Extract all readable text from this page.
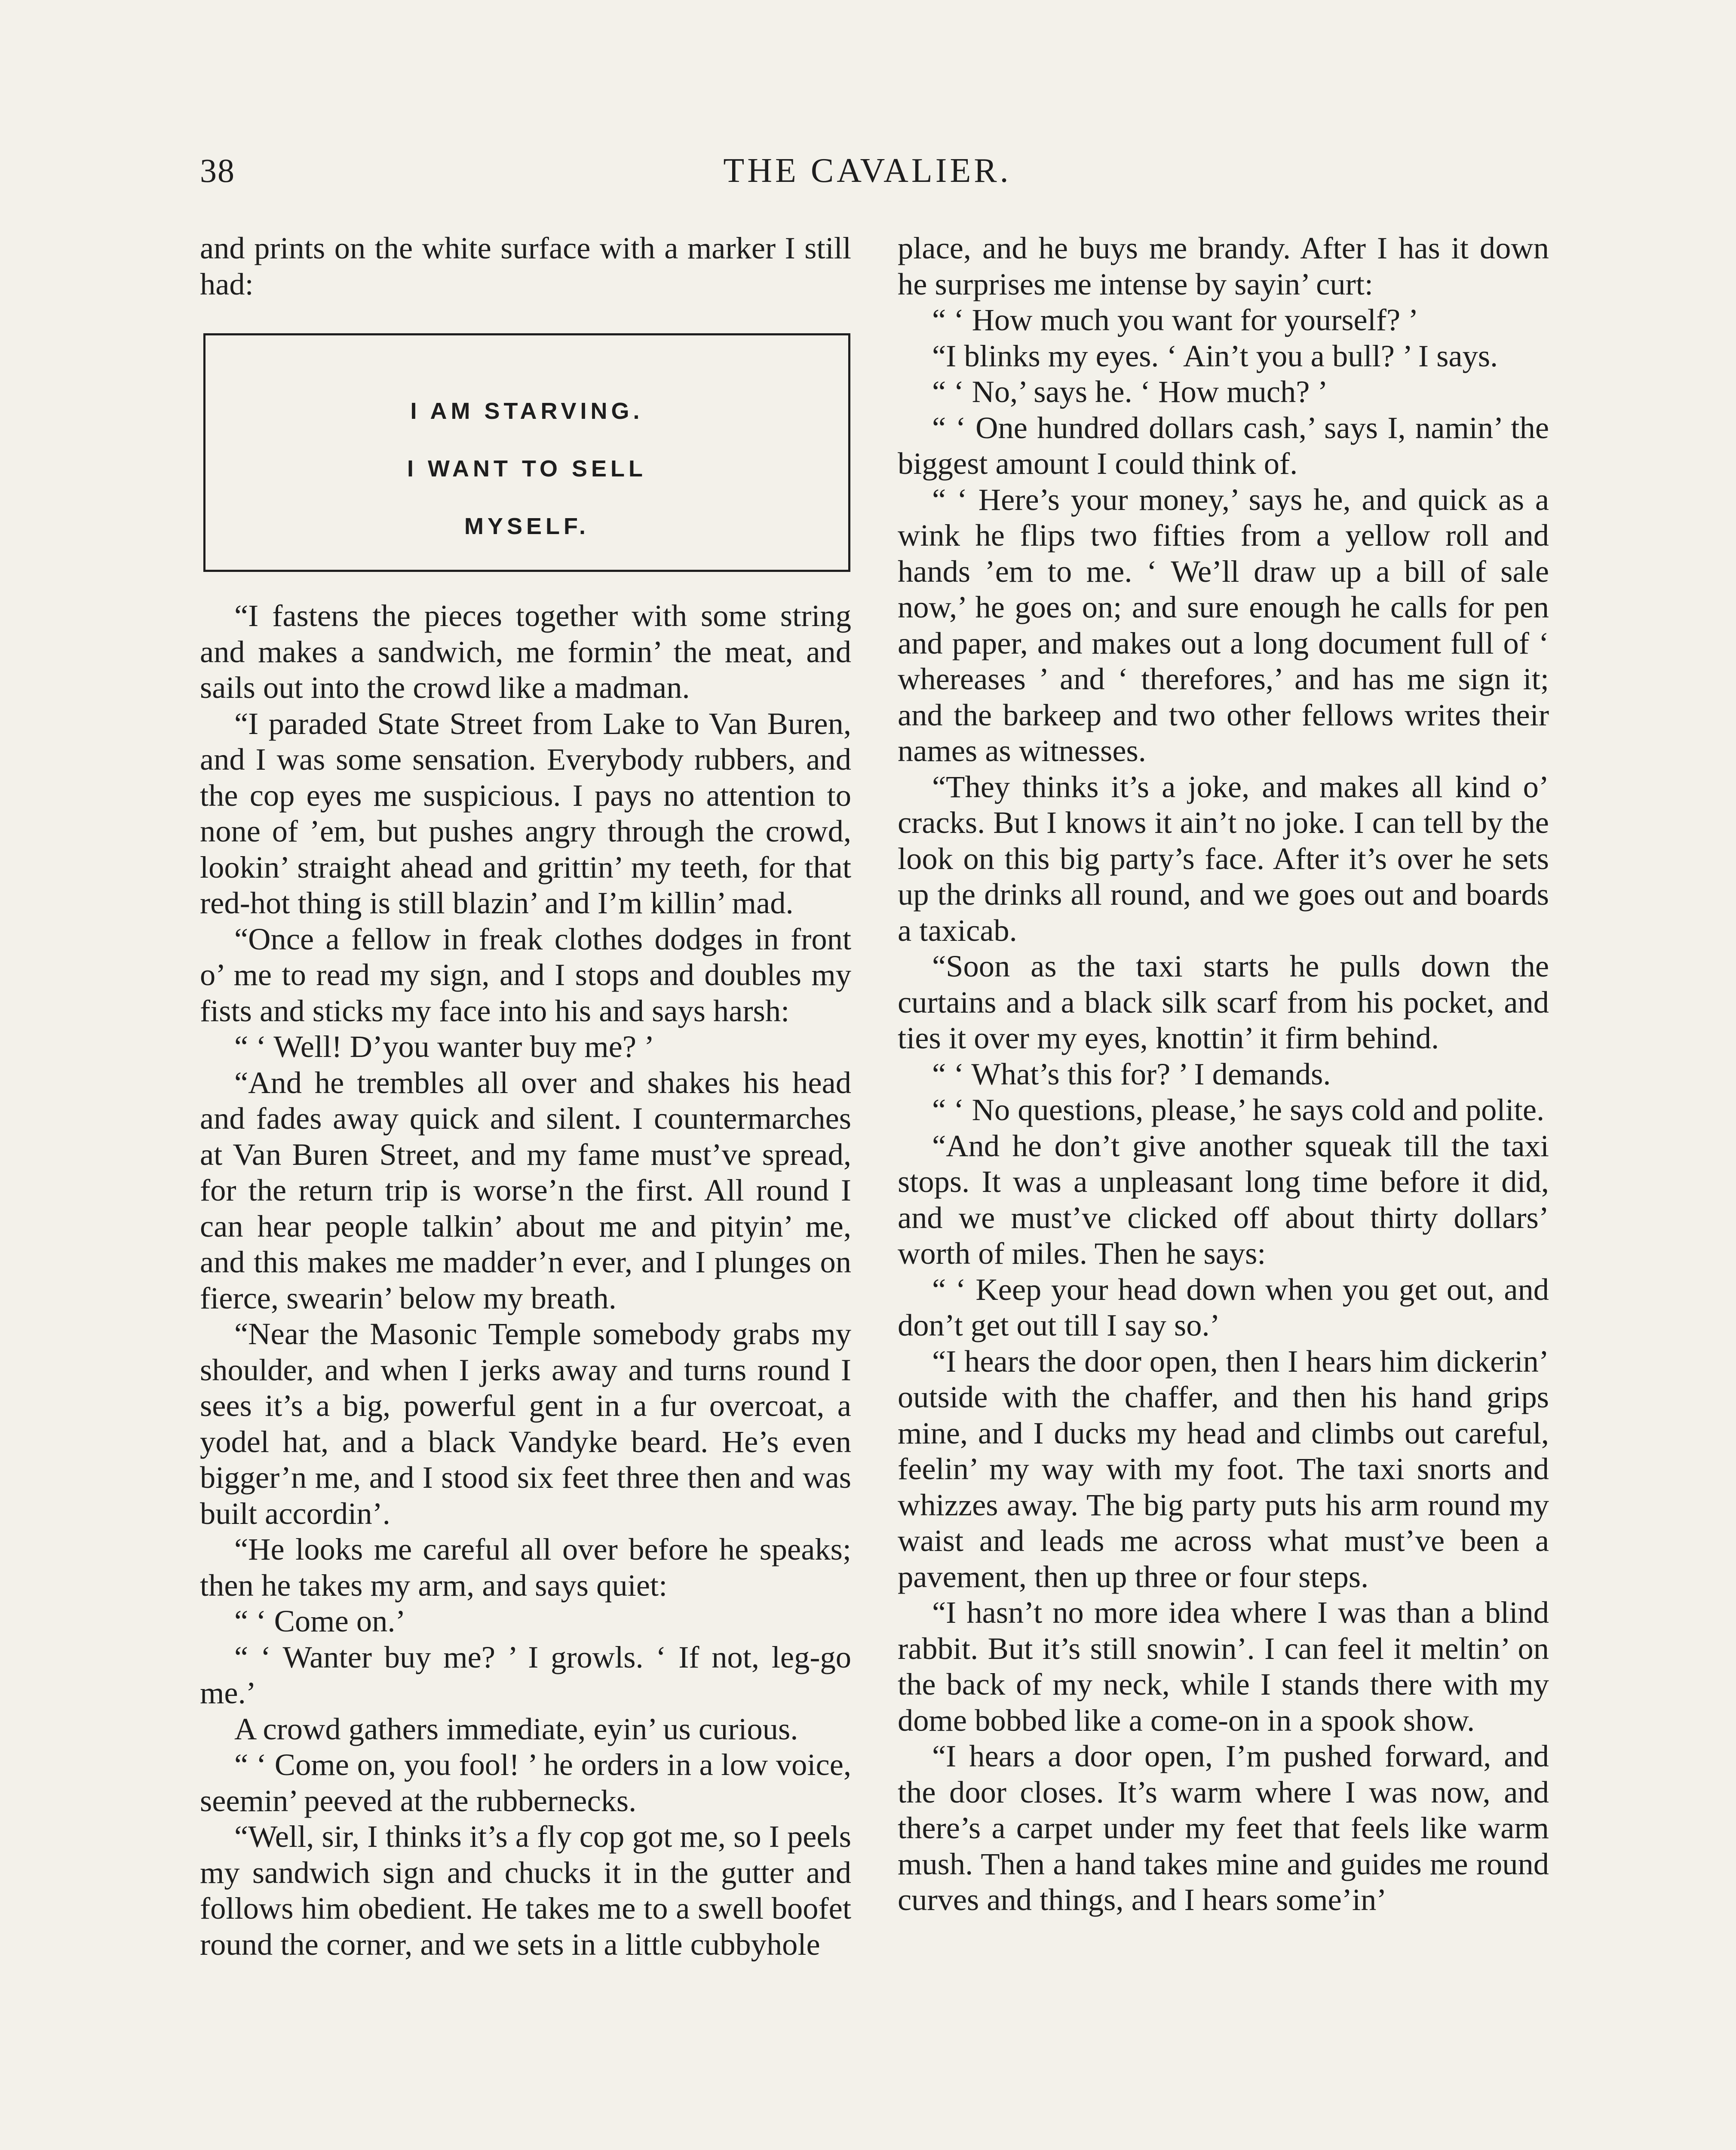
38	THE CAVALIER.

and prints on the white surface with a marker I still had:

I AM STARVING.
I WANT TO SELL
MYSELF.

“I fastens the pieces together with some string and makes a sandwich, me formin’ the meat, and sails out into the crowd like a madman.

“I paraded State Street from Lake to Van Buren, and I was some sensation. Everybody rubbers, and the cop eyes me suspicious. I pays no attention to none of ’em, but pushes angry through the crowd, lookin’ straight ahead and grittin’ my teeth, for that red-hot thing is still blazin’ and I’m killin’ mad.

“Once a fellow in freak clothes dodges in front o’ me to read my sign, and I stops and doubles my fists and sticks my face into his and says harsh:

“ ‘ Well! D’you wanter buy me? ’

“And he trembles all over and shakes his head and fades away quick and silent. I countermarches at Van Buren Street, and my fame must’ve spread, for the return trip is worse’n the first. All round I can hear people talkin’ about me and pityin’ me, and this makes me madder’n ever, and I plunges on fierce, swearin’ below my breath.

“Near the Masonic Temple somebody grabs my shoulder, and when I jerks away and turns round I sees it’s a big, powerful gent in a fur overcoat, a yodel hat, and a black Vandyke beard. He’s even bigger’n me, and I stood six feet three then and was built accordin’.

“He looks me careful all over before he speaks; then he takes my arm, and says quiet:

“ ‘ Come on.’

“ ‘ Wanter buy me? ’ I growls. ‘ If not, leg-go me.’

A crowd gathers immediate, eyin’ us curious.

“ ‘ Come on, you fool! ’ he orders in a low voice, seemin’ peeved at the rubbernecks.

“Well, sir, I thinks it’s a fly cop got me, so I peels my sandwich sign and chucks it in the gutter and follows him obedient. He takes me to a swell boofet round the corner, and we sets in a little cubbyhole

place, and he buys me brandy. After I has it down he surprises me intense by sayin’ curt:

“ ‘ How much you want for yourself? ’

“I blinks my eyes. ‘ Ain’t you a bull? ’ I says.

“ ‘ No,’ says he. ‘ How much? ’

“ ‘ One hundred dollars cash,’ says I, namin’ the biggest amount I could think of.

“ ‘ Here’s your money,’ says he, and quick as a wink he flips two fifties from a yellow roll and hands ’em to me. ‘ We’ll draw up a bill of sale now,’ he goes on; and sure enough he calls for pen and paper, and makes out a long document full of ‘ whereases ’ and ‘ therefores,’ and has me sign it; and the barkeep and two other fellows writes their names as witnesses.

“They thinks it’s a joke, and makes all kind o’ cracks. But I knows it ain’t no joke. I can tell by the look on this big party’s face. After it’s over he sets up the drinks all round, and we goes out and boards a taxicab.

“Soon as the taxi starts he pulls down the curtains and a black silk scarf from his pocket, and ties it over my eyes, knottin’ it firm behind.

“ ‘ What’s this for? ’ I demands.

“ ‘ No questions, please,’ he says cold and polite.

“And he don’t give another squeak till the taxi stops. It was a unpleasant long time before it did, and we must’ve clicked off about thirty dollars’ worth of miles. Then he says:

“ ‘ Keep your head down when you get out, and don’t get out till I say so.’

“I hears the door open, then I hears him dickerin’ outside with the chaffer, and then his hand grips mine, and I ducks my head and climbs out careful, feelin’ my way with my foot. The taxi snorts and whizzes away. The big party puts his arm round my waist and leads me across what must’ve been a pavement, then up three or four steps.

“I hasn’t no more idea where I was than a blind rabbit. But it’s still snowin’. I can feel it meltin’ on the back of my neck, while I stands there with my dome bobbed like a come-on in a spook show.

“I hears a door open, I’m pushed forward, and the door closes. It’s warm where I was now, and there’s a carpet under my feet that feels like warm mush. Then a hand takes mine and guides me round curves and things, and I hears some’in’
